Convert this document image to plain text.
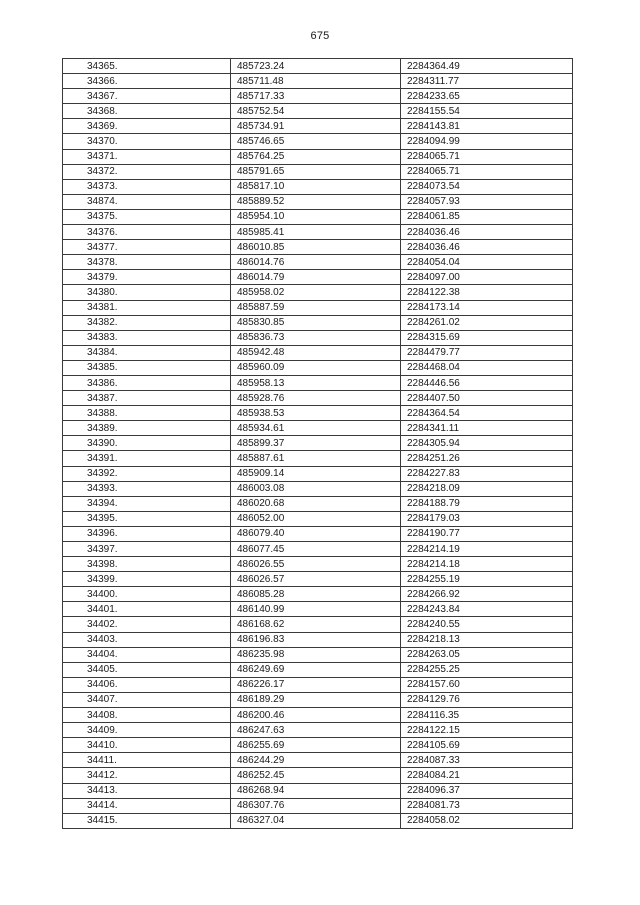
675
34365.	485723.24	2284364.49
34366.	485711.48	2284311.77
34367.	485717.33	2284233.65
34368.	485752.54	2284155.54
34369.	485734.91	2284143.81
34370.	485746.65	2284094.99
34371.	485764.25	2284065.71
34372.	485791.65	2284065.71
34373.	485817.10	2284073.54
34874.	485889.52	2284057.93
34375.	485954.10	2284061.85
34376.	485985.41	2284036.46
34377.	486010.85	2284036.46
34378.	486014.76	2284054.04
34379.	486014.79	2284097.00
34380.	485958.02	2284122.38
34381.	485887.59	2284173.14
34382.	485830.85	2284261.02
34383.	485836.73	2284315.69
34384.	485942.48	2284479.77
34385.	485960.09	2284468.04
34386.	485958.13	2284446.56
34387.	485928.76	2284407.50
34388.	485938.53	2284364.54
34389.	485934.61	2284341.11
34390.	485899.37	2284305.94
34391.	485887.61	2284251.26
34392.	485909.14	2284227.83
34393.	486003.08	2284218.09
34394.	486020.68	2284188.79
34395.	486052.00	2284179.03
34396.	486079.40	2284190.77
34397.	486077.45	2284214.19
34398.	486026.55	2284214.18
34399.	486026.57	2284255.19
34400.	486085.28	2284266.92
34401.	486140.99	2284243.84
34402.	486168.62	2284240.55
34403.	486196.83	2284218.13
34404.	486235.98	2284263.05
34405.	486249.69	2284255.25
34406.	486226.17	2284157.60
34407.	486189.29	2284129.76
34408.	486200.46	2284116.35
34409.	486247.63	2284122.15
34410.	486255.69	2284105.69
34411.	486244.29	2284087.33
34412.	486252.45	2284084.21
34413.	486268.94	2284096.37
34414.	486307.76	2284081.73
34415.	486327.04	2284058.02
